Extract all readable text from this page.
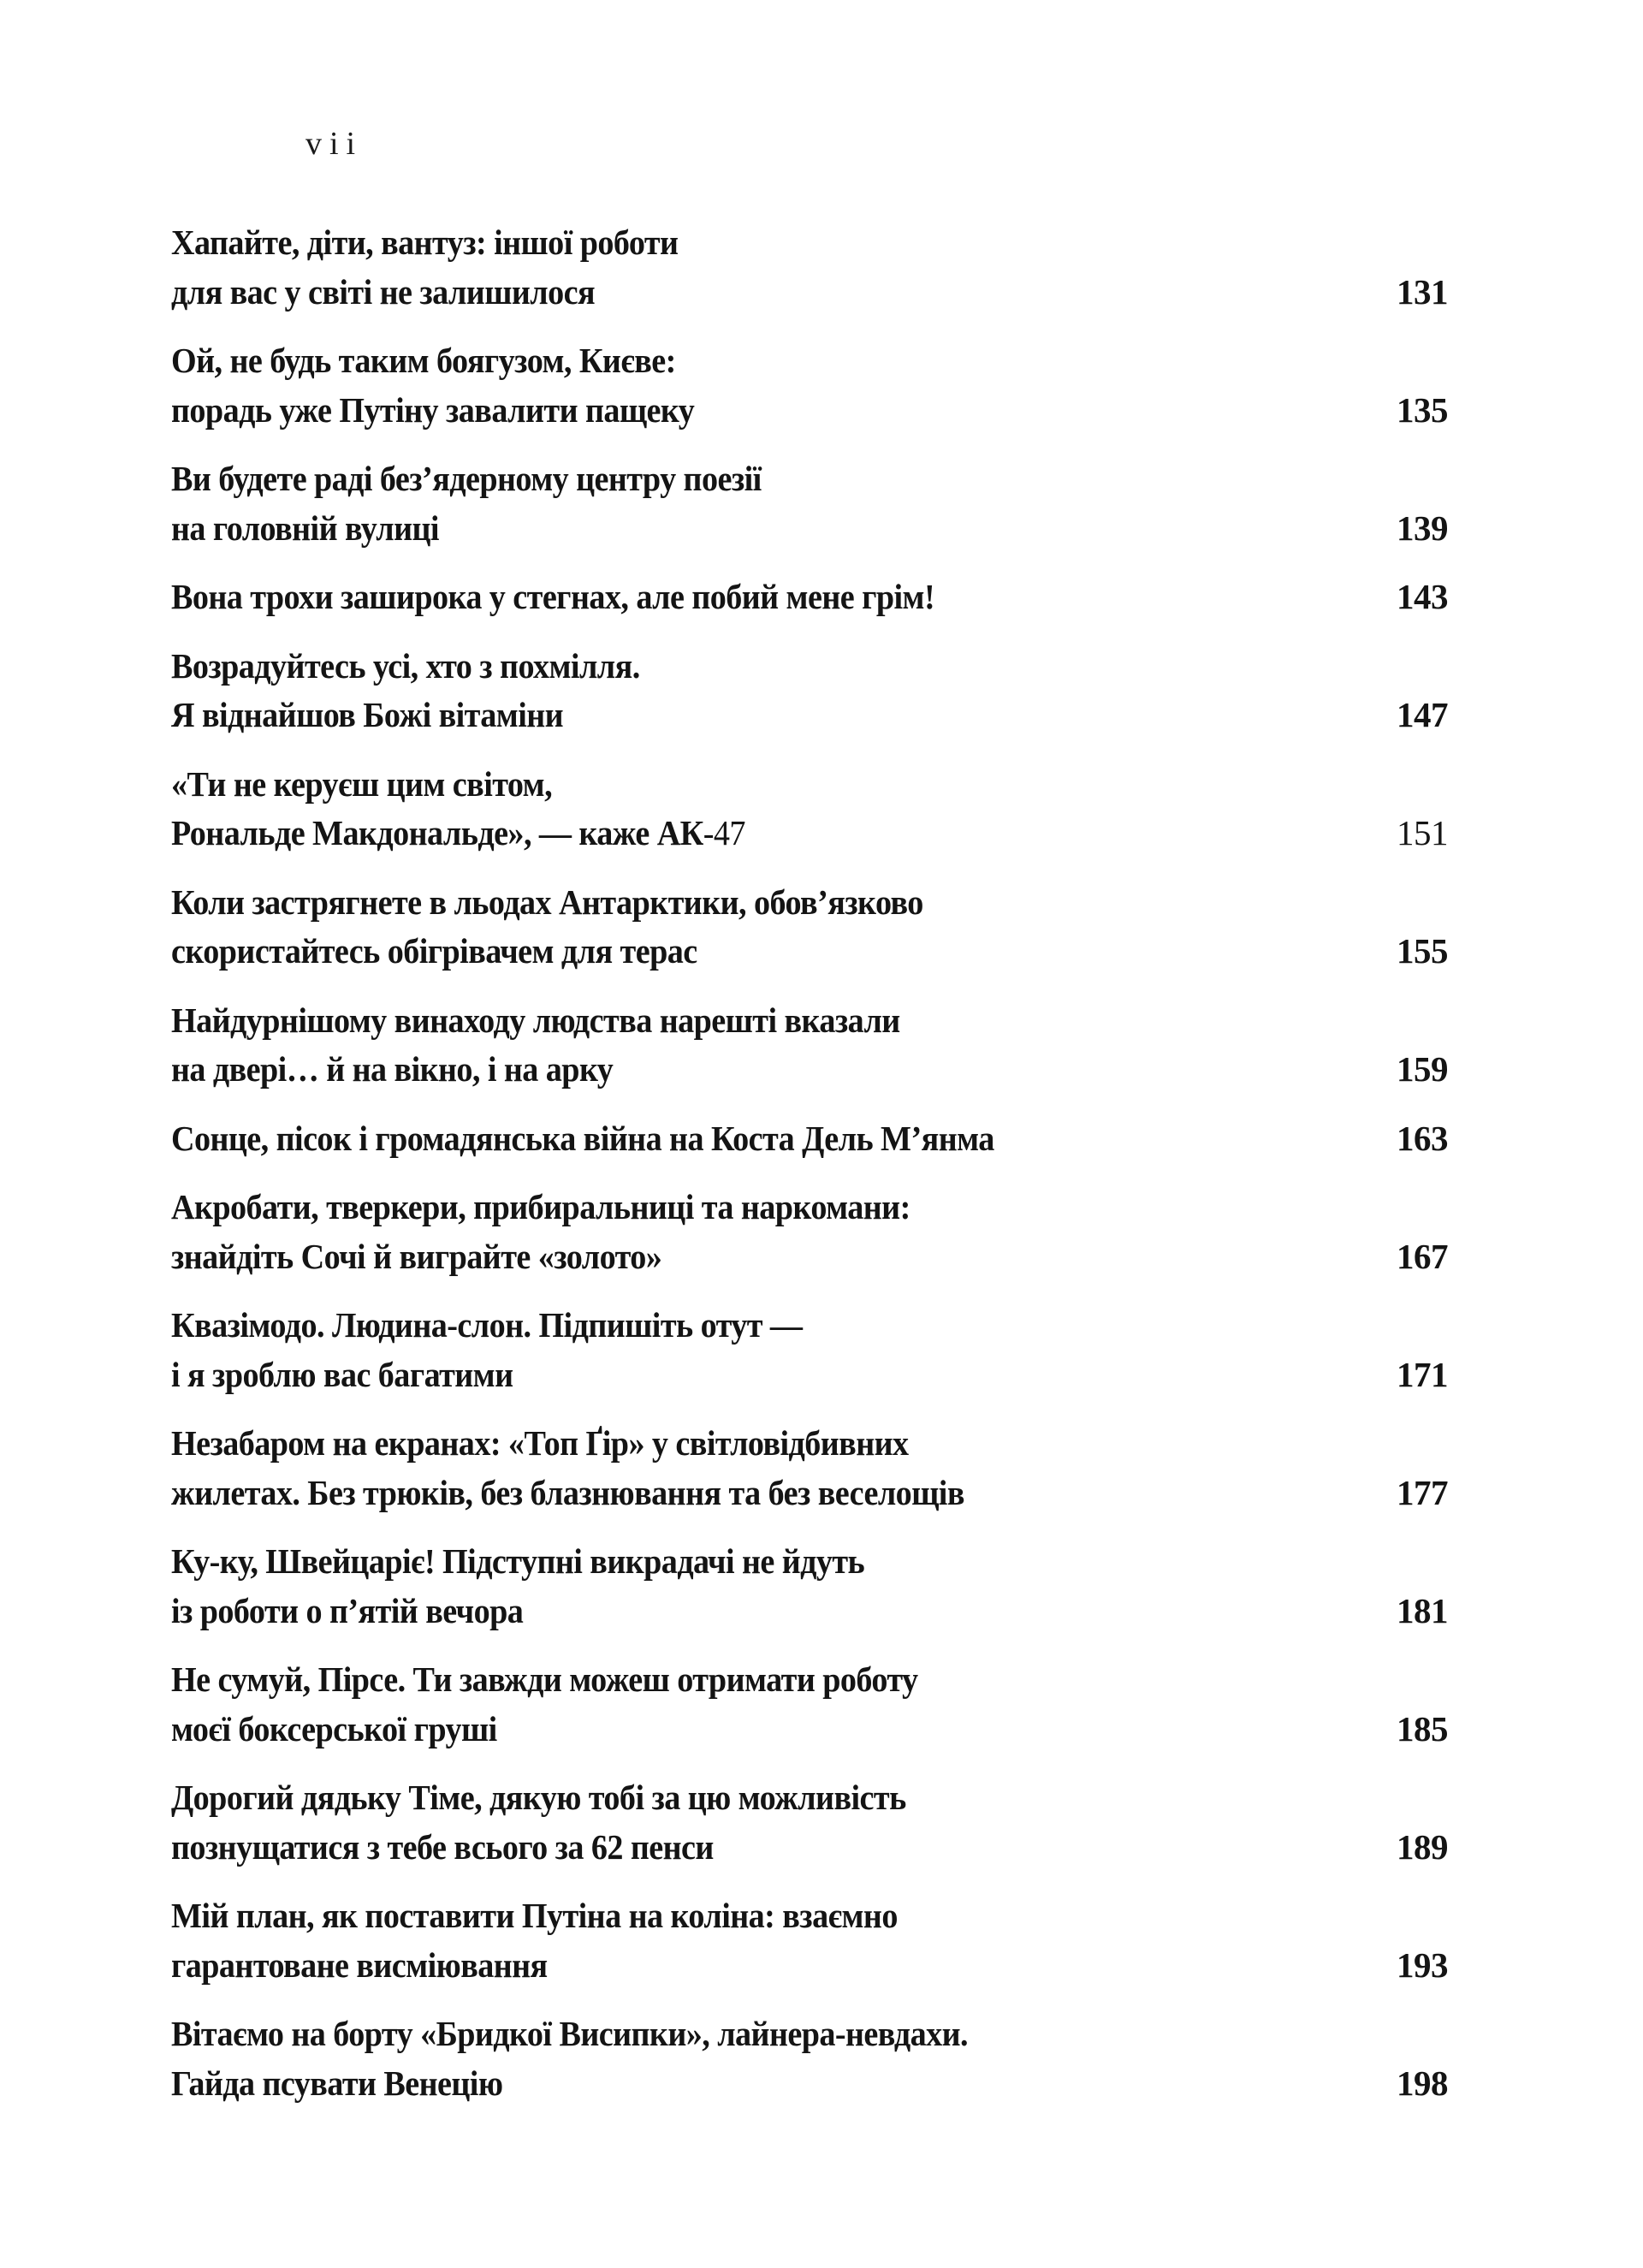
vii
Хапайте, діти, вантуз: іншої роботи
для вас у світі не залишилося	131
Ой, не будь таким боягузом, Києве:
порадь уже Путіну завалити пащеку	135
Ви будете раді без’ядерному центру поезії
на головній вулиці	139
Вона трохи заширока у стегнах, але побий мене грім!	143
Возрадуйтесь усі, хто з похмілля.
Я віднайшов Божі вітаміни	147
«Ти не керуєш цим світом,
Рональде Макдональде», — каже АК-47	151
Коли застрягнете в льодах Антарктики, обов’язково
скористайтесь обігрівачем для терас	155
Найдурнішому винаходу людства нарешті вказали
на двері… й на вікно, і на арку	159
Сонце, пісок і громадянська війна на Коста Дель М’янма	163
Акробати, тверкери, прибиральниці та наркомани:
знайдіть Сочі й виграйте «золото»	167
Квазімодо. Людина-слон. Підпишіть отут —
і я зроблю вас багатими	171
Незабаром на екранах: «Топ Ґір» у світловідбивних
жилетах. Без трюків, без блазнювання та без веселощів	177
Ку-ку, Швейцаріє! Підступні викрадачі не йдуть
із роботи о п’ятій вечора	181
Не сумуй, Пірсе. Ти завжди можеш отримати роботу
моєї боксерської груші	185
Дорогий дядьку Тіме, дякую тобі за цю можливість
познущатися з тебе всього за 62 пенси	189
Мій план, як поставити Путіна на коліна: взаємно
гарантоване висміювання	193
Вітаємо на борту «Бридкої Висипки», лайнера-невдахи.
Гайда псувати Венецію	198
